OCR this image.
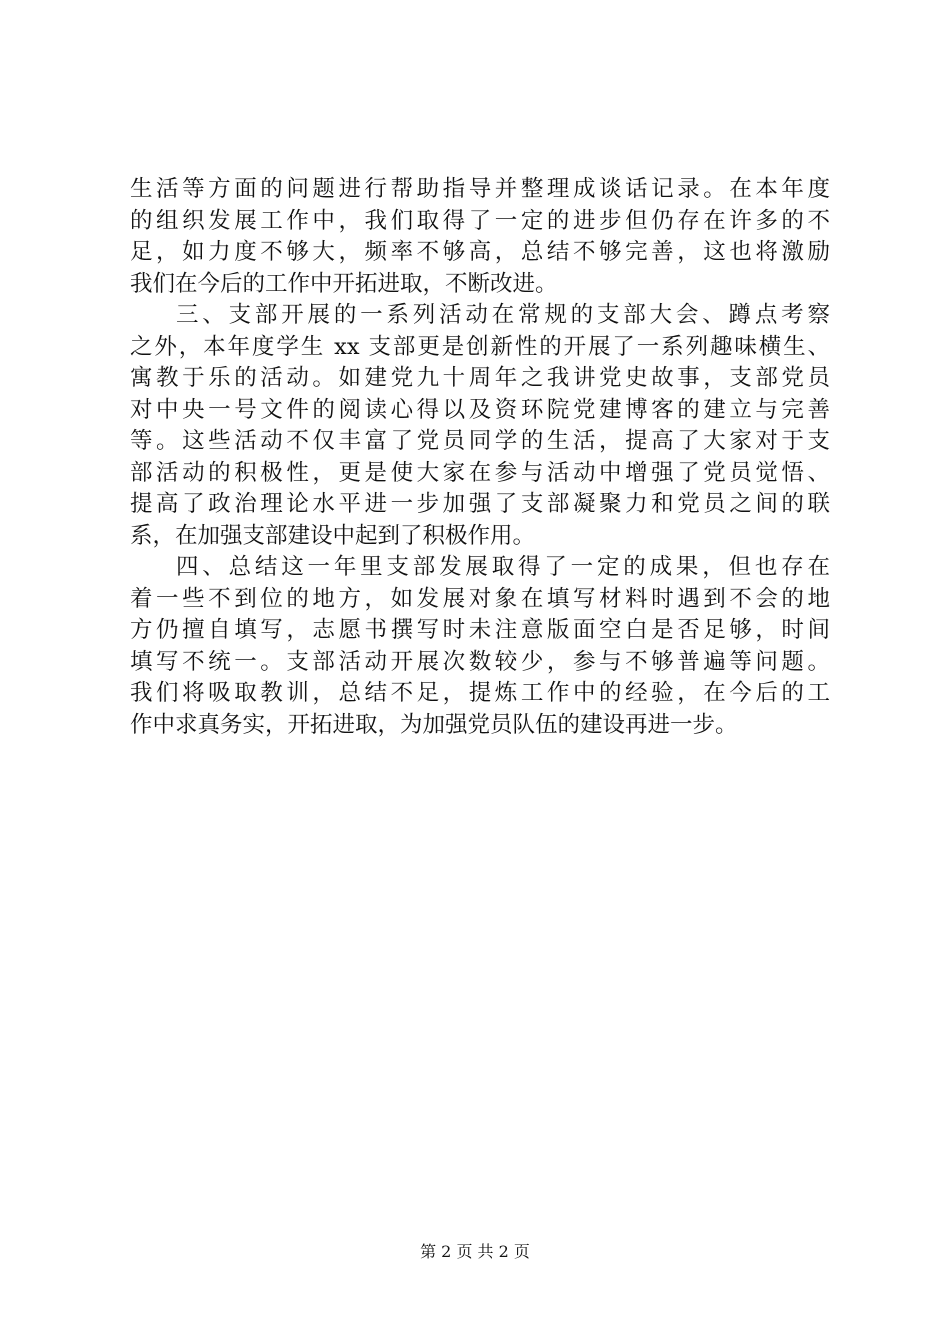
生活等方面的问题进行帮助指导并整理成谈话记录。在本年度
的组织发展工作中，我们取得了一定的进步但仍存在许多的不
足，如力度不够大，频率不够高，总结不够完善，这也将激励
我们在今后的工作中开拓进取，不断改进。
三、支部开展的一系列活动在常规的支部大会、蹲点考察
之外，本年度学生 xx 支部更是创新性的开展了一系列趣味横生、
寓教于乐的活动。如建党九十周年之我讲党史故事，支部党员
对中央一号文件的阅读心得以及资环院党建博客的建立与完善
等。这些活动不仅丰富了党员同学的生活，提高了大家对于支
部活动的积极性，更是使大家在参与活动中增强了党员觉悟、
提高了政治理论水平进一步加强了支部凝聚力和党员之间的联
系，在加强支部建设中起到了积极作用。
四、总结这一年里支部发展取得了一定的成果，但也存在
着一些不到位的地方，如发展对象在填写材料时遇到不会的地
方仍擅自填写，志愿书撰写时未注意版面空白是否足够，时间
填写不统一。支部活动开展次数较少，参与不够普遍等问题。
我们将吸取教训，总结不足，提炼工作中的经验，在今后的工
作中求真务实，开拓进取，为加强党员队伍的建设再进一步。
第 2 页 共 2 页
